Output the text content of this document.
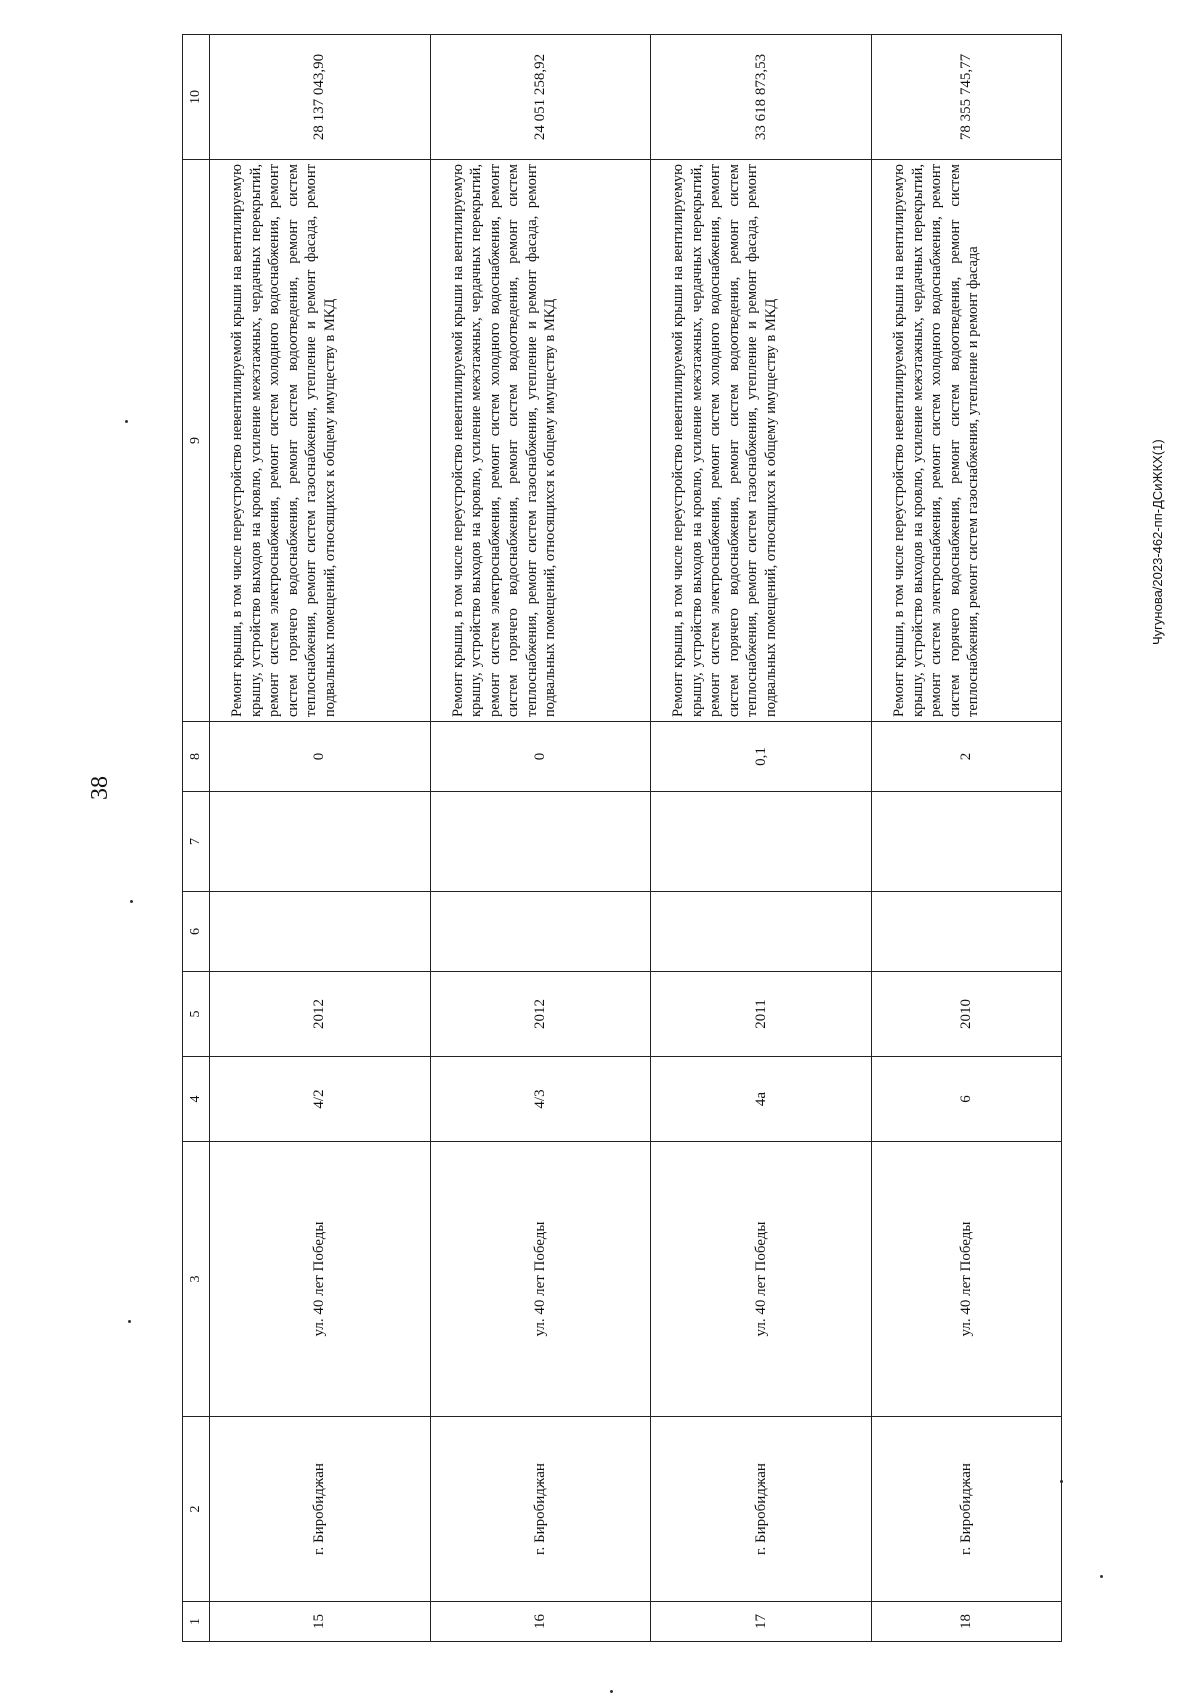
38
Чугунова/2023-462-пп-ДСиЖКХ(1)
1	2	3	4	5	6	7	8	9	10
15	г. Биробиджан	ул. 40 лет Победы	4/2	2012			0	Ремонт крыши, в том числе переустройство невентилируемой крыши на вентилируемую крышу, устройство выходов на кровлю, усиление межэтажных, чердачных перекрытий, ремонт систем электроснабжения, ремонт систем холодного водоснабжения, ремонт систем горячего водоснабжения, ремонт систем водоотведения, ремонт систем теплоснабжения, ремонт систем газоснабжения, утепление и ремонт фасада, ремонт подвальных помещений, относящихся к общему имуществу в МКД	28 137 043,90
16	г. Биробиджан	ул. 40 лет Победы	4/3	2012			0	Ремонт крыши, в том числе переустройство невентилируемой крыши на вентилируемую крышу, устройство выходов на кровлю, усиление межэтажных, чердачных перекрытий, ремонт систем электроснабжения, ремонт систем холодного водоснабжения, ремонт систем горячего водоснабжения, ремонт систем водоотведения, ремонт систем теплоснабжения, ремонт систем газоснабжения, утепление и ремонт фасада, ремонт подвальных помещений, относящихся к общему имуществу в МКД	24 051 258,92
17	г. Биробиджан	ул. 40 лет Победы	4а	2011			0,1	Ремонт крыши, в том числе переустройство невентилируемой крыши на вентилируемую крышу, устройство выходов на кровлю, усиление межэтажных, чердачных перекрытий, ремонт систем электроснабжения, ремонт систем холодного водоснабжения, ремонт систем горячего водоснабжения, ремонт систем водоотведения, ремонт систем теплоснабжения, ремонт систем газоснабжения, утепление и ремонт фасада, ремонт подвальных помещений, относящихся к общему имуществу в МКД	33 618 873,53
18	г. Биробиджан	ул. 40 лет Победы	6	2010			2	Ремонт крыши, в том числе переустройство невентилируемой крыши на вентилируемую крышу, устройство выходов на кровлю, усиление межэтажных, чердачных перекрытий, ремонт систем электроснабжения, ремонт систем холодного водоснабжения, ремонт систем горячего водоснабжения, ремонт систем водоотведения, ремонт систем теплоснабжения, ремонт систем газоснабжения, утепление и ремонт фасада	78 355 745,77
